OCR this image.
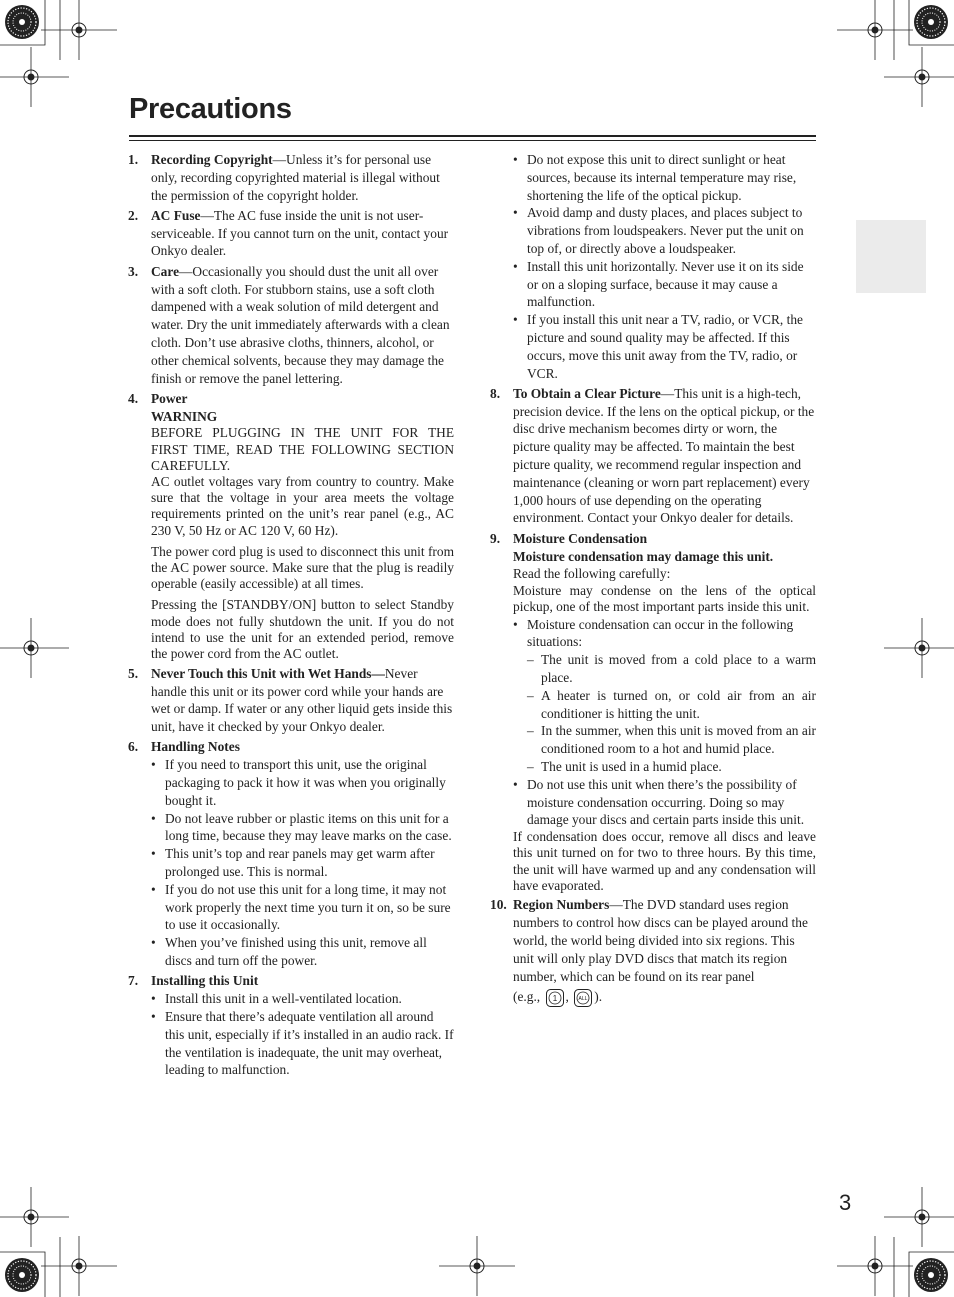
Precautions
1. Recording Copyright—Unless it’s for personal use only, recording copyrighted material is illegal without the permission of the copyright holder.
2. AC Fuse—The AC fuse inside the unit is not user-serviceable. If you cannot turn on the unit, contact your Onkyo dealer.
3. Care—Occasionally you should dust the unit all over with a soft cloth. For stubborn stains, use a soft cloth dampened with a weak solution of mild detergent and water. Dry the unit immediately afterwards with a clean cloth. Don’t use abrasive cloths, thinners, alcohol, or other chemical solvents, because they may damage the finish or remove the panel lettering.
4. Power
WARNING

BEFORE PLUGGING IN THE UNIT FOR THE FIRST TIME, READ THE FOLLOWING SECTION CAREFULLY.

AC outlet voltages vary from country to country. Make sure that the voltage in your area meets the voltage requirements printed on the unit’s rear panel (e.g., AC 230 V, 50 Hz or AC 120 V, 60 Hz).

The power cord plug is used to disconnect this unit from the AC power source. Make sure that the plug is readily operable (easily accessible) at all times.

Pressing the [STANDBY/ON] button to select Standby mode does not fully shutdown the unit. If you do not intend to use the unit for an extended period, remove the power cord from the AC outlet.

5. Never Touch this Unit with Wet Hands—Never handle this unit or its power cord while your hands are wet or damp. If water or any other liquid gets inside this unit, have it checked by your Onkyo dealer.
6. Handling Notes
• If you need to transport this unit, use the original packaging to pack it how it was when you originally bought it.
• Do not leave rubber or plastic items on this unit for a long time, because they may leave marks on the case.
• This unit’s top and rear panels may get warm after prolonged use. This is normal.
• If you do not use this unit for a long time, it may not work properly the next time you turn it on, so be sure to use it occasionally.
• When you’ve finished using this unit, remove all discs and turn off the power.
7. Installing this Unit
• Install this unit in a well-ventilated location.
• Ensure that there’s adequate ventilation all around this unit, especially if it’s installed in an audio rack. If the ventilation is inadequate, the unit may overheat, leading to malfunction.
• Do not expose this unit to direct sunlight or heat sources, because its internal temperature may rise, shortening the life of the optical pickup.
• Avoid damp and dusty places, and places subject to vibrations from loudspeakers. Never put the unit on top of, or directly above a loudspeaker.
• Install this unit horizontally. Never use it on its side or on a sloping surface, because it may cause a malfunction.
• If you install this unit near a TV, radio, or VCR, the picture and sound quality may be affected. If this occurs, move this unit away from the TV, radio, or VCR.
8. To Obtain a Clear Picture—This unit is a high-tech, precision device. If the lens on the optical pickup, or the disc drive mechanism becomes dirty or worn, the picture quality may be affected. To maintain the best picture quality, we recommend regular inspection and maintenance (cleaning or worn part replacement) every 1,000 hours of use depending on the operating environment. Contact your Onkyo dealer for details.
9. Moisture Condensation
Moisture condensation may damage this unit.
Read the following carefully:

Moisture may condense on the lens of the optical pickup, one of the most important parts inside this unit.

• Moisture condensation can occur in the following situations:
– The unit is moved from a cold place to a warm place.
– A heater is turned on, or cold air from an air conditioner is hitting the unit.
– In the summer, when this unit is moved from an air conditioned room to a hot and humid place.
– The unit is used in a humid place.
• Do not use this unit when there’s the possibility of moisture condensation occurring. Doing so may damage your discs and certain parts inside this unit.

If condensation does occur, remove all discs and leave this unit turned on for two to three hours. By this time, the unit will have warmed up and any condensation will have evaporated.

10. Region Numbers—The DVD standard uses region numbers to control how discs can be played around the world, the world being divided into six regions. This unit will only play DVD discs that match its region number, which can be found on its rear panel
(e.g., 1 , ALL ).
3
